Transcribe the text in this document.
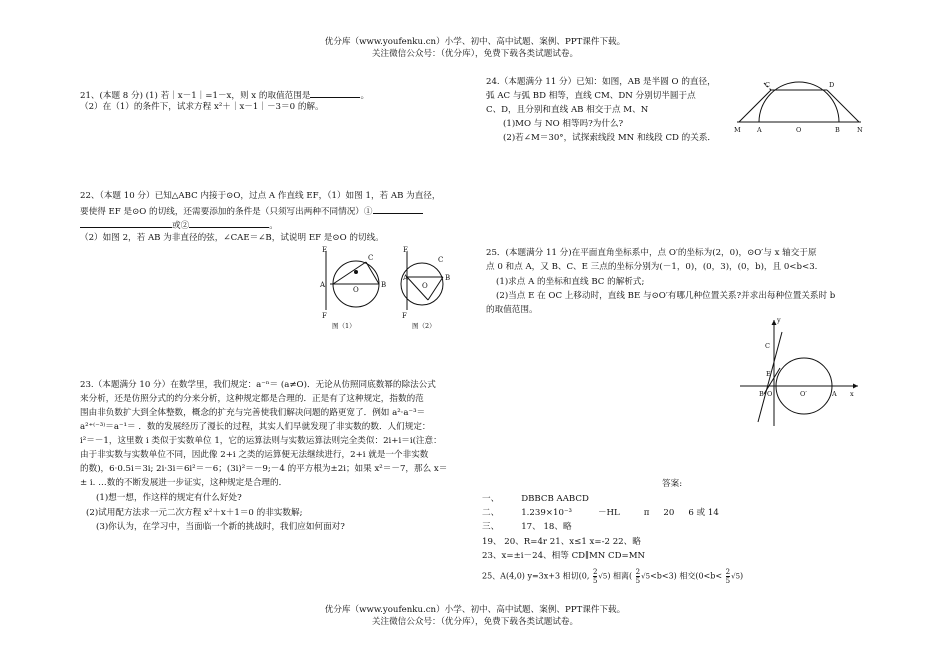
优分库（www.youfenku.cn）小学、初中、高中试题、案例、PPT课件下载。
关注微信公众号：（优分库），免费下载各类试题试卷。
21、(本题 8 分) (1) 若｜x－1｜=1－x，则 x 的取值范围是	。
（2）在（1）的条件下，试求方程 x²＋｜x－1｜－3＝0 的解。
22、（本题 10 分）已知△ABC 内接于⊙O，过点 A 作直线 EF，（1）如图 1，若 AB 为直径，
要使得 EF 是⊙O 的切线，还需要添加的条件是（只须写出两种不同情况）①
或②	。
（2）如图 2，若 AB 为非直径的弦，∠CAE＝∠B，试说明 EF 是⊙O 的切线。
E
A
F
C
O
B
E
A
F
C
O
B
图（1）	图（2）
23.（本题满分 10 分）在数学里，我们规定：a⁻ⁿ＝ (a≠O)．无论从仿照同底数幂的除法公式
来分析，还是仿照分式的约分来分析，这种规定都是合理的．正是有了这种规定，指数的范
围由非负数扩大到全体整数，概念的扩充与完善使我们解决问题的路更宽了．例如 a²·a⁻³＝
a²⁺⁽⁻³⁾＝a⁻¹＝ ．数的发展经历了漫长的过程，其实人们早就发现了非实数的数．人们规定：
i²＝－1，这里数 i 类似于实数单位 1，它的运算法则与实数运算法则完全类似：2i+i＝i(注意：
由于非实数与实数单位不同，因此像 2+i 之类的运算便无法继续进行，2+i 就是一个非实数
的数)，6·0.5i＝3i; 2i·3i＝6i²＝－6；(3i)²＝－9;－4 的平方根为±2i；如果 x²＝－7，那么 x＝
± i. …数的不断发展进一步证实，这种规定是合理的．
(1)想一想，作这样的规定有什么好处?
(2)试用配方法求一元二次方程 x²＋x＋1＝0 的非实数解;
(3)你认为，在学习中，当面临一个新的挑战时，我们应如何面对?
24.（本题满分 11 分）已知：如图，AB 是半圆 O 的直径，
弧 AC 与弧 BD 相等，直线 CM、DN 分别切半圆于点
C、D，且分别和直线 AB 相交于点 M、N
(1)MO 与 NO 相等吗?为什么?
(2)若∠M＝30°，试探索线段 MN 和线段 CD 的关系．
C	D
M	A	O	B	N
25．(本题满分 11 分)在平面直角坐标系中，点 O′的坐标为(2，0)，⊙O′与 x 轴交于原
点 0 和点 A，又 B、C、E 三点的坐标分别为(－1，0)，(0，3)，(0，b)，且 0<b<3.
(1)求点 A 的坐标和直线 BC 的解析式;
(2)当点 E 在 OC 上移动时，直线 BE 与⊙O′有哪几种位置关系?并求出每种位置关系时 b
的取值范围。
y
C
E
B O	O′	A x
答案:
一、	DBBCB AABCD
二、	1.239×10⁻³	－HL	π 20 6 或 14
三、	17、 18、略
19、 20、R=4r 21、x≤1 x=-2 22、略
23、x=±i－24、相等 CD∥MN CD=MN
25、A(4,0) y=3x+3 相切(0, $\frac{2}{5} √5$) 相离( $\frac{2}{5} √5<b<3$) 相交$(0<b< \frac{2}{5} √5)$
优分库（www.youfenku.cn）小学、初中、高中试题、案例、PPT课件下载。
关注微信公众号：（优分库），免费下载各类试题试卷。
